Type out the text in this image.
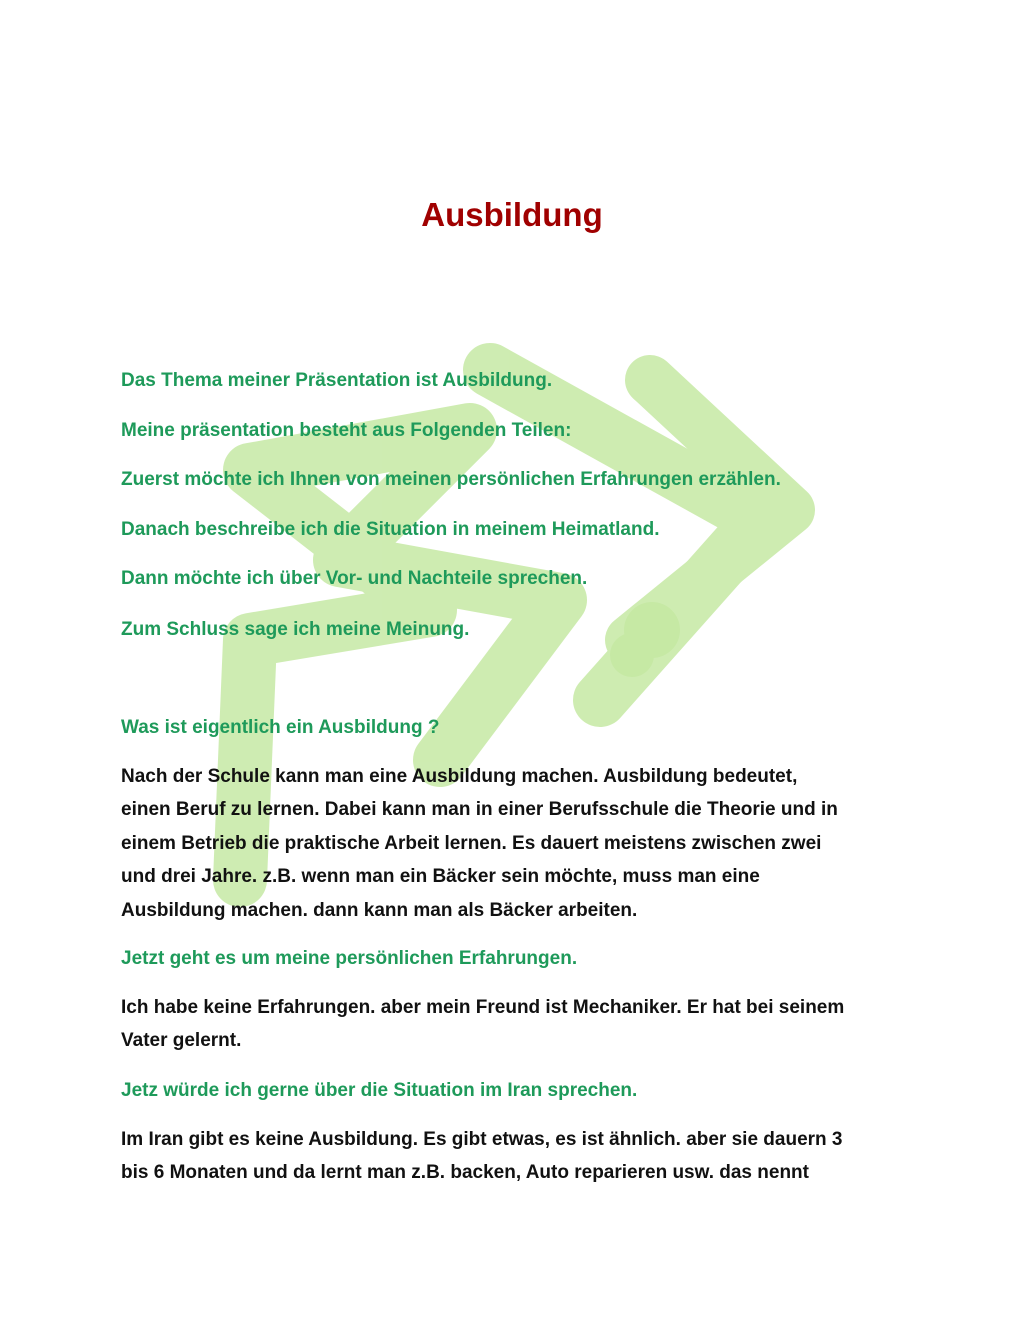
Ausbildung

Das Thema meiner Präsentation ist Ausbildung.

Meine präsentation besteht aus Folgenden Teilen:

Zuerst möchte ich Ihnen von meinen persönlichen Erfahrungen erzählen.

Danach beschreibe ich die Situation in meinem Heimatland.

Dann möchte ich über Vor- und Nachteile sprechen.

Zum Schluss sage ich meine Meinung.

Was ist eigentlich ein Ausbildung ?

Nach der Schule kann man eine Ausbildung machen. Ausbildung bedeutet,
einen Beruf zu lernen. Dabei kann man in einer Berufsschule die Theorie und in
einem Betrieb die praktische Arbeit lernen. Es dauert meistens zwischen zwei
und drei Jahre. z.B. wenn man ein Bäcker sein möchte, muss man eine
Ausbildung machen. dann kann man als Bäcker arbeiten.

Jetzt geht es um meine persönlichen Erfahrungen.

Ich habe keine Erfahrungen. aber mein Freund ist Mechaniker. Er hat bei seinem
Vater gelernt.

Jetz würde ich gerne über die Situation im Iran sprechen.

Im Iran gibt es keine Ausbildung. Es gibt etwas, es ist ähnlich. aber sie dauern 3
bis 6 Monaten und da lernt man z.B. backen, Auto reparieren usw. das nennt
